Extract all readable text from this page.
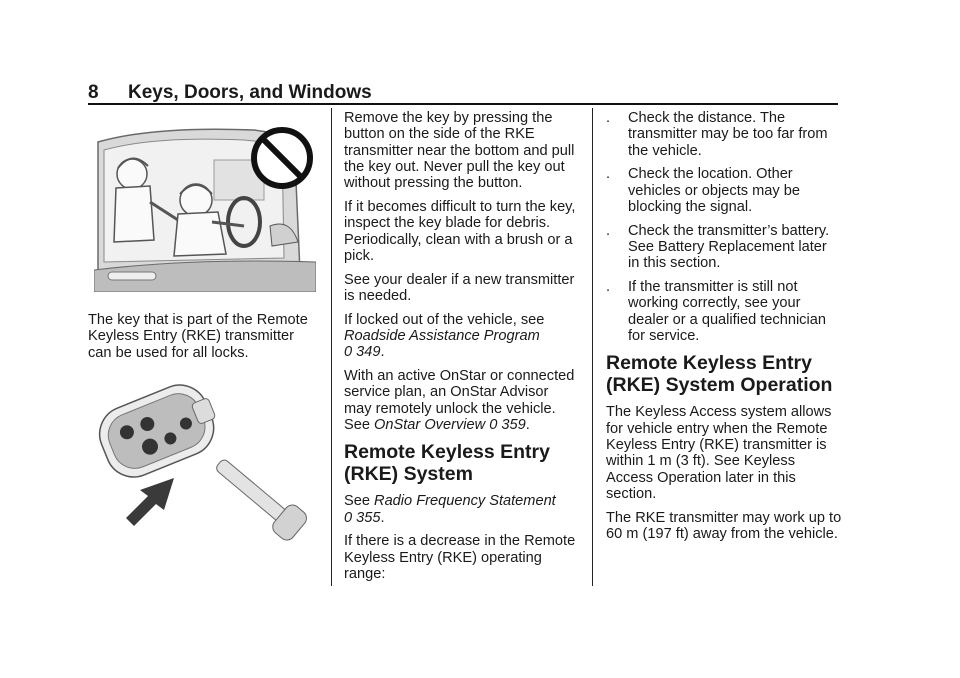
8 Keys, Doors, and Windows

The key that is part of the Remote Keyless Entry (RKE) transmitter can be used for all locks.

Remove the key by pressing the button on the side of the RKE transmitter near the bottom and pull the key out. Never pull the key out without pressing the button.

If it becomes difficult to turn the key, inspect the key blade for debris. Periodically, clean with a brush or a pick.

See your dealer if a new transmitter is needed.

If locked out of the vehicle, see Roadside Assistance Program
0 349.

With an active OnStar or connected service plan, an OnStar Advisor may remotely unlock the vehicle. See OnStar Overview 0 359.

Remote Keyless Entry (RKE) System

See Radio Frequency Statement
0 355.

If there is a decrease in the Remote Keyless Entry (RKE) operating range:

. Check the distance. The transmitter may be too far from the vehicle.
. Check the location. Other vehicles or objects may be blocking the signal.
. Check the transmitter’s battery. See Battery Replacement later in this section.
. If the transmitter is still not working correctly, see your dealer or a qualified technician for service.
Remote Keyless Entry (RKE) System Operation

The Keyless Access system allows for vehicle entry when the Remote Keyless Entry (RKE) transmitter is within 1 m (3 ft). See Keyless Access Operation later in this section.

The RKE transmitter may work up to 60 m (197 ft) away from the vehicle.
